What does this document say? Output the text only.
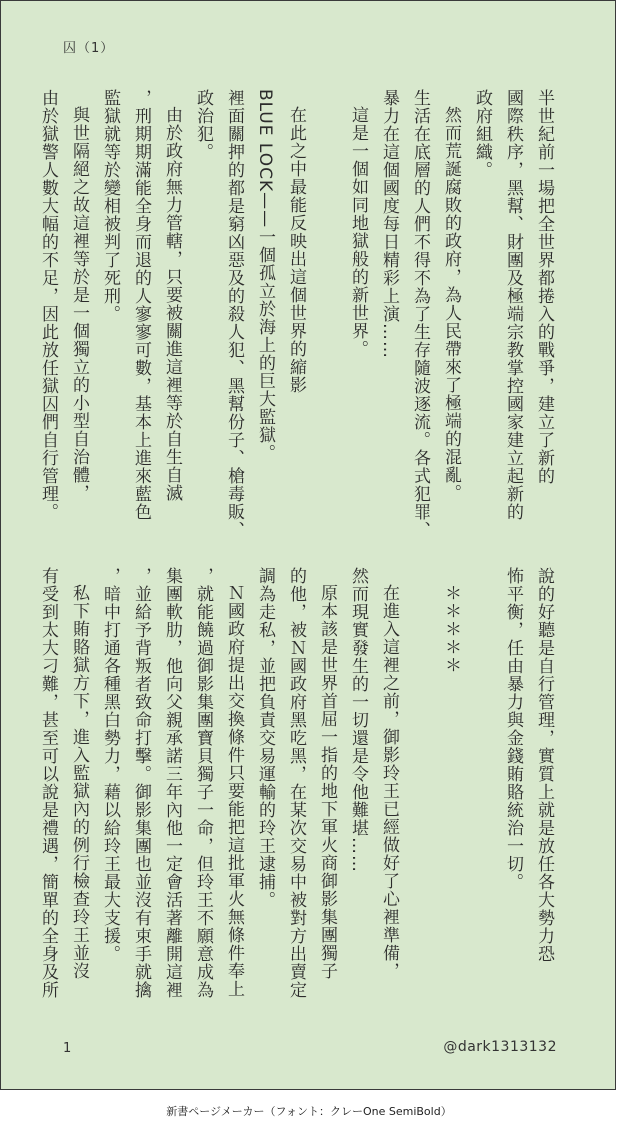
囚（1）
半世紀前一場把全世界都捲入的戰爭，建立了新的
國際秩序，黑幫、財團及極端宗教掌控國家建立起新的
政府組織。
然而荒誕腐敗的政府，為人民帶來了極端的混亂。
生活在底層的人們不得不為了生存隨波逐流。各式犯罪、
暴力在這個國度每日精彩上演……
這是一個如同地獄般的新世界。

在此之中最能反映出這個世界的縮影
BLUE LOCK——一個孤立於海上的巨大監獄。
裡面關押的都是窮凶惡及的殺人犯、黑幫份子、槍毒販、
政治犯。
由於政府無力管轄，只要被關進這裡等於自生自滅
，刑期期滿能全身而退的人寥寥可數，基本上進來藍色
監獄就等於變相被判了死刑。
與世隔絕之故這裡等於是一個獨立的小型自治體，
由於獄警人數大幅的不足，因此放任獄囚們自行管理。
說的好聽是自行管理，實質上就是放任各大勢力恐
怖平衡，任由暴力與金錢賄賂統治一切。

＊＊＊＊＊

在進入這裡之前，御影玲王已經做好了心裡準備，
然而現實發生的一切還是令他難堪……
原本該是世界首屈一指的地下軍火商御影集團獨子
的他，被Ｎ國政府黑吃黑，在某次交易中被對方出賣定
調為走私，並把負責交易運輸的玲王逮捕。
Ｎ國政府提出交換條件只要能把這批軍火無條件奉上
，就能饒過御影集團寶貝獨子一命，但玲王不願意成為
集團軟肋，他向父親承諾三年內他一定會活著離開這裡
，並給予背叛者致命打擊。御影集團也並沒有束手就擒
，暗中打通各種黑白勢力，藉以給玲王最大支援。
私下賄賂獄方下，進入監獄內的例行檢查玲王並沒
有受到太大刁難，甚至可以說是禮遇，簡單的全身及所
1	@dark1313132
新書ページメーカー（フォント：クレーOne SemiBold）
